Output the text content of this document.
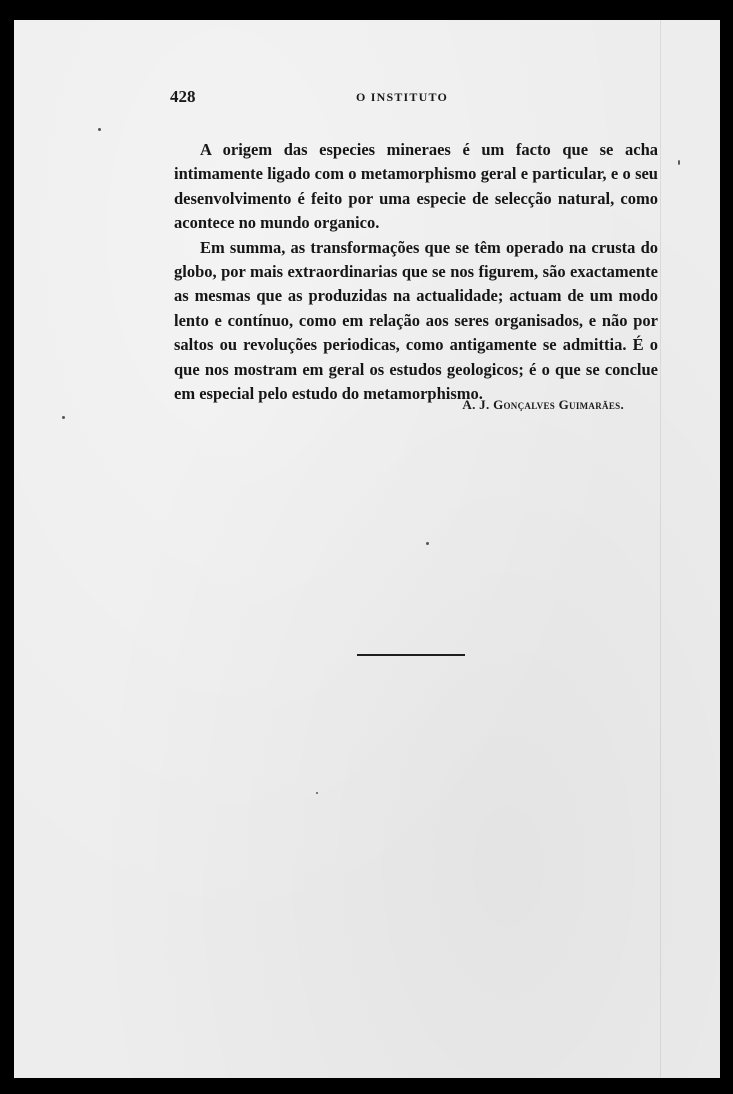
428	O INSTITUTO

A origem das especies mineraes é um facto que se acha intimamente ligado com o metamorphismo geral e particular, e o seu desenvolvimento é feito por uma especie de selecção natural, como acontece no mundo organico.

Em summa, as transformações que se têm operado na crusta do globo, por mais extraordinarias que se nos figurem, são exactamente as mesmas que as produzidas na actualidade; actuam de um modo lento e contínuo, como em relação aos seres organisados, e não por saltos ou revoluções periodicas, como antigamente se admittia. É o que nos mostram em geral os estudos geologicos; é o que se conclue em especial pelo estudo do metamorphismo.

A. J. Gonçalves Guimarães.
